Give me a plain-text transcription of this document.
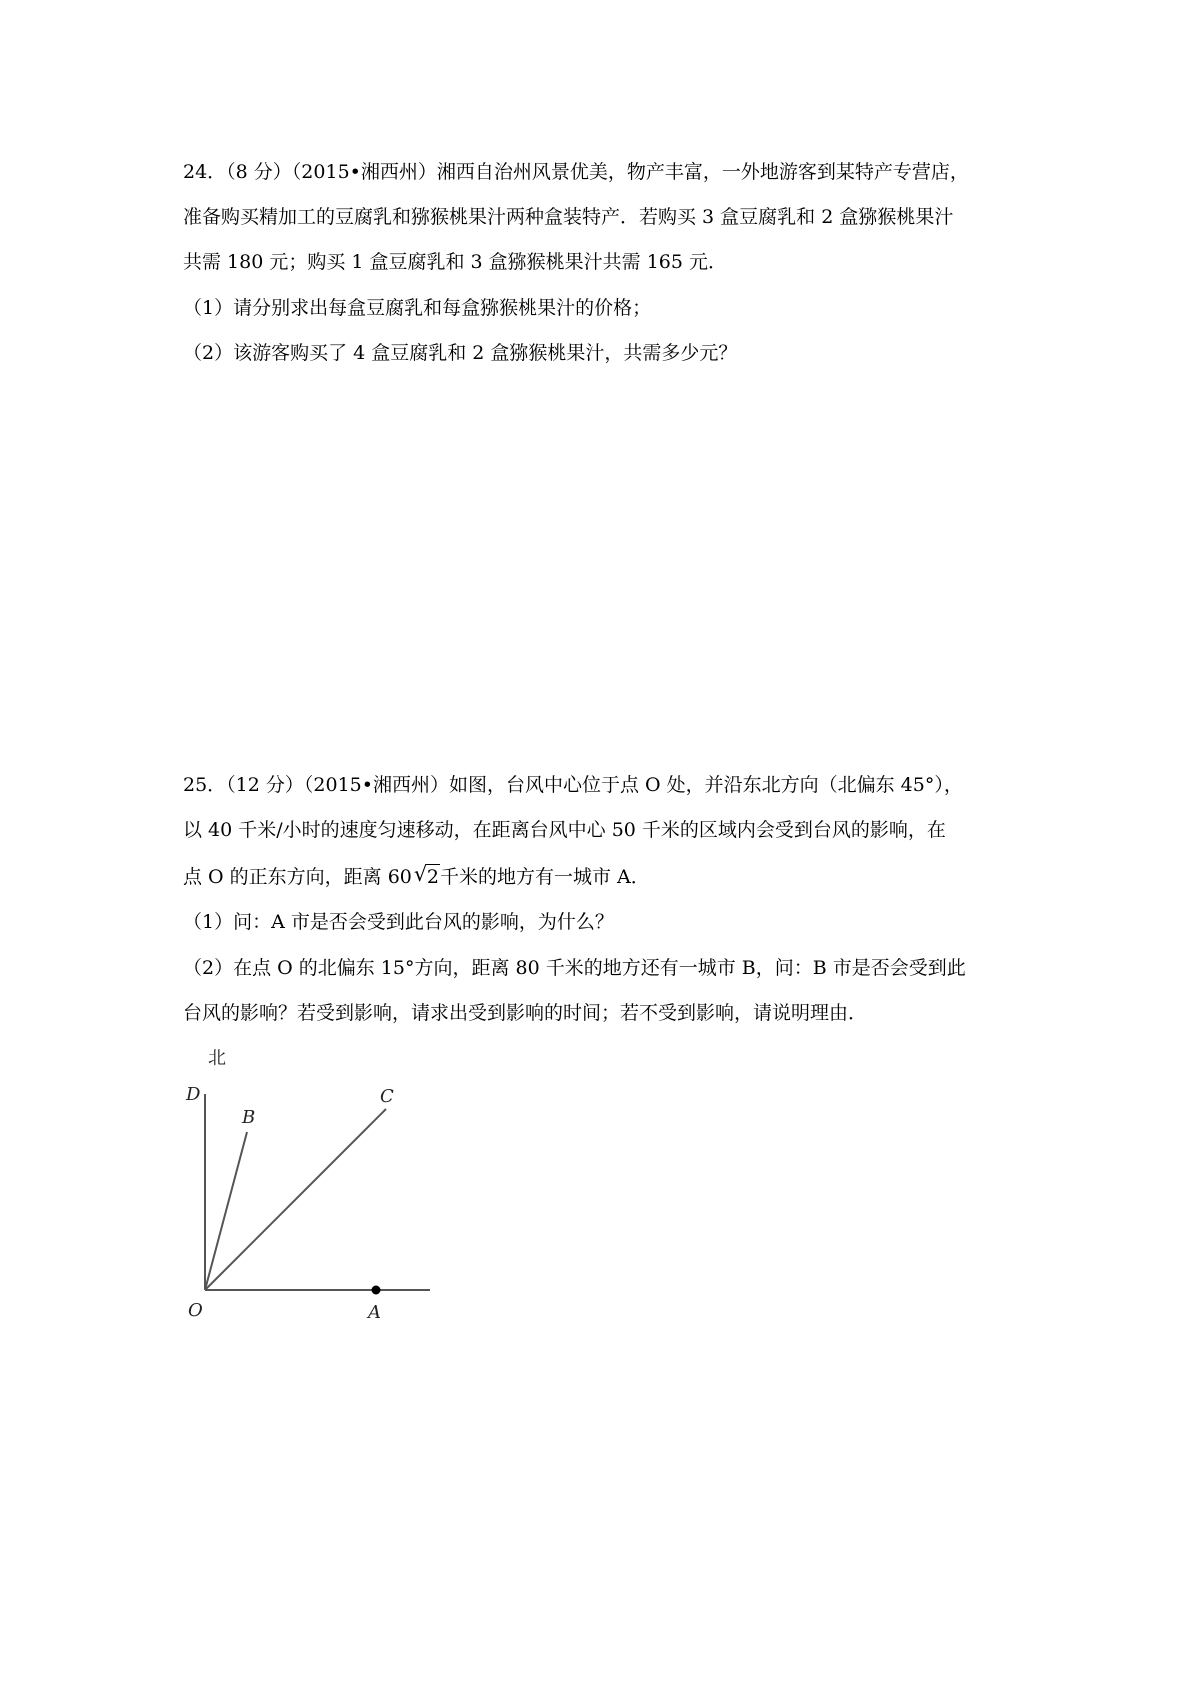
24．（8 分）（2015•湘西州）湘西自治州风景优美，物产丰富，一外地游客到某特产专营店，
准备购买精加工的豆腐乳和猕猴桃果汁两种盒装特产．若购买 3 盒豆腐乳和 2 盒猕猴桃果汁
共需 180 元；购买 1 盒豆腐乳和 3 盒猕猴桃果汁共需 165 元．
（1）请分别求出每盒豆腐乳和每盒猕猴桃果汁的价格；
（2）该游客购买了 4 盒豆腐乳和 2 盒猕猴桃果汁，共需多少元？
25．（12 分）（2015•湘西州）如图，台风中心位于点 O 处，并沿东北方向（北偏东 45°），
以 40 千米/小时的速度匀速移动，在距离台风中心 50 千米的区域内会受到台风的影响，在
点 O 的正东方向，距离 60 √ 2千米的地方有一城市 A．
（1）问：A 市是否会受到此台风的影响，为什么？
（2）在点 O 的北偏东 15°方向，距离 80 千米的地方还有一城市 B，问：B 市是否会受到此
台风的影响？若受到影响，请求出受到影响的时间；若不受到影响，请说明理由．
北
D
B
C
O	A
